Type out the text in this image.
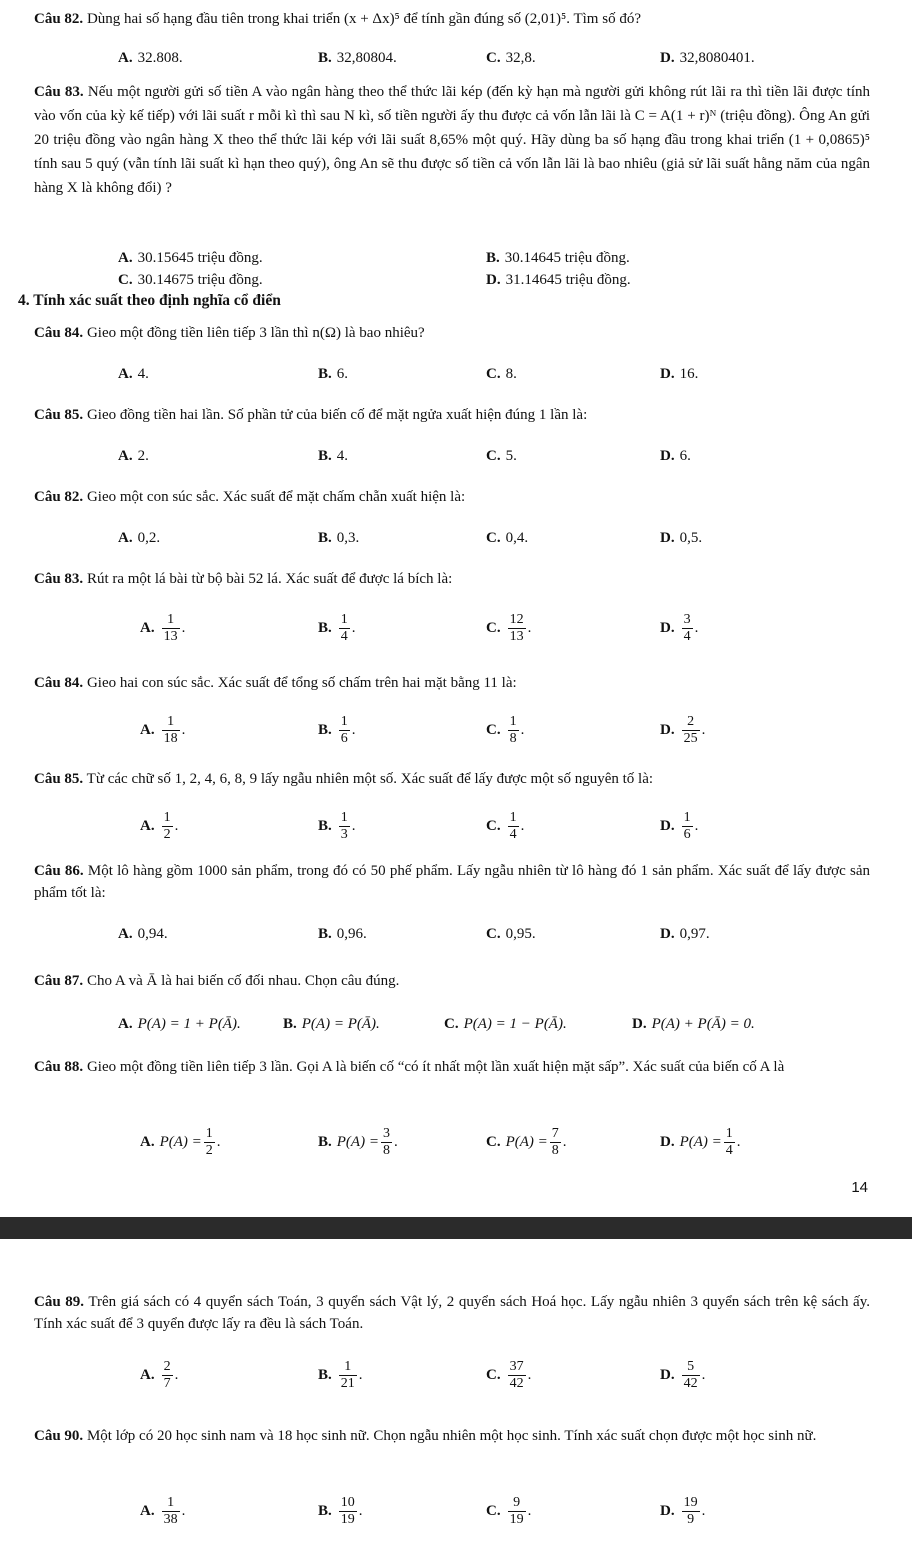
Câu 82. Dùng hai số hạng đầu tiên trong khai triển (x + Δx)⁵ để tính gần đúng số (2,01)⁵. Tìm số đó?
A. 32.808.	B. 32,80804.	C. 32,8.	D. 32,8080401.
Câu 83. Nếu một người gửi số tiền A vào ngân hàng theo thể thức lãi kép (đến kỳ hạn mà người gửi không rút lãi ra thì tiền lãi được tính vào vốn của kỳ kế tiếp) với lãi suất r mỗi kì thì sau N kì, số tiền người ấy thu được cả vốn lẫn lãi là C = A(1 + r)ᴺ (triệu đồng). Ông An gửi 20 triệu đồng vào ngân hàng X theo thể thức lãi kép với lãi suất 8,65% một quý. Hãy dùng ba số hạng đầu trong khai triển (1 + 0,0865)⁵ tính sau 5 quý (vẫn tính lãi suất kì hạn theo quý), ông An sẽ thu được số tiền cả vốn lẫn lãi là bao nhiêu (giả sử lãi suất hằng năm của ngân hàng X là không đổi) ?
A. 30.15645 triệu đồng.	B. 30.14645 triệu đồng.
C. 30.14675 triệu đồng.	D. 31.14645 triệu đồng.
4. Tính xác suất theo định nghĩa cổ điển
Câu 84. Gieo một đồng tiền liên tiếp 3 lần thì n(Ω) là bao nhiêu?
A. 4.	B. 6.	C. 8.	D. 16.
Câu 85. Gieo đồng tiền hai lần. Số phần tử của biến cố để mặt ngửa xuất hiện đúng 1 lần là:
A. 2.	B. 4.	C. 5.	D. 6.
Câu 82. Gieo một con súc sắc. Xác suất để mặt chấm chẵn xuất hiện là:
A. 0,2.	B. 0,3.	C. 0,4.	D. 0,5.
Câu 83. Rút ra một lá bài từ bộ bài 52 lá. Xác suất để được lá bích là:
A. $\frac{1}{13}$ .	B. $\frac{1}{4}$ .	C. $\frac{12}{13}$ .	D. $\frac{3}{4}$ .
Câu 84. Gieo hai con súc sắc. Xác suất để tổng số chấm trên hai mặt bằng 11 là:
A. $\frac{1}{18}$ .	B. $\frac{1}{6}$ .	C. $\frac{1}{8}$ .	D. $\frac{2}{25}$ .
Câu 85. Từ các chữ số 1, 2, 4, 6, 8, 9 lấy ngẫu nhiên một số. Xác suất để lấy được một số nguyên tố là:
A. $\frac{1}{2}$ .	B. $\frac{1}{3}$ .	C. $\frac{1}{4}$ .	D. $\frac{1}{6}$ .
Câu 86. Một lô hàng gồm 1000 sản phẩm, trong đó có 50 phế phẩm. Lấy ngẫu nhiên từ lô hàng đó 1 sản phẩm. Xác suất để lấy được sản phẩm tốt là:
A. 0,94.	B. 0,96.	C. 0,95.	D. 0,97.
Câu 87. Cho A và Ā là hai biến cố đối nhau. Chọn câu đúng.
A. P(A) = 1 + P(Ā).	B. P(A) = P(Ā).	C. P(A) = 1 − P(Ā).	D. P(A) + P(Ā) = 0.
Câu 88. Gieo một đồng tiền liên tiếp 3 lần. Gọi A là biến cố “có ít nhất một lần xuất hiện mặt sấp”. Xác suất của biến cố A là
A. $P(A) = \frac{1}{2}$ .	B. $P(A) = \frac{3}{8}$ .	C. $P(A) = \frac{7}{8}$ .	D. $P(A) = \frac{1}{4}$ .
14
Câu 89. Trên giá sách có 4 quyển sách Toán, 3 quyển sách Vật lý, 2 quyển sách Hoá học. Lấy ngẫu nhiên 3 quyển sách trên kệ sách ấy. Tính xác suất để 3 quyển được lấy ra đều là sách Toán.
A. $\frac{2}{7}$ .	B. $\frac{1}{21}$ .	C. $\frac{37}{42}$ .	D. $\frac{5}{42}$ .
Câu 90. Một lớp có 20 học sinh nam và 18 học sinh nữ. Chọn ngẫu nhiên một học sinh. Tính xác suất chọn được một học sinh nữ.
A. $\frac{1}{38}$ .	B. $\frac{10}{19}$ .	C. $\frac{9}{19}$ .	D. $\frac{19}{9}$ .
